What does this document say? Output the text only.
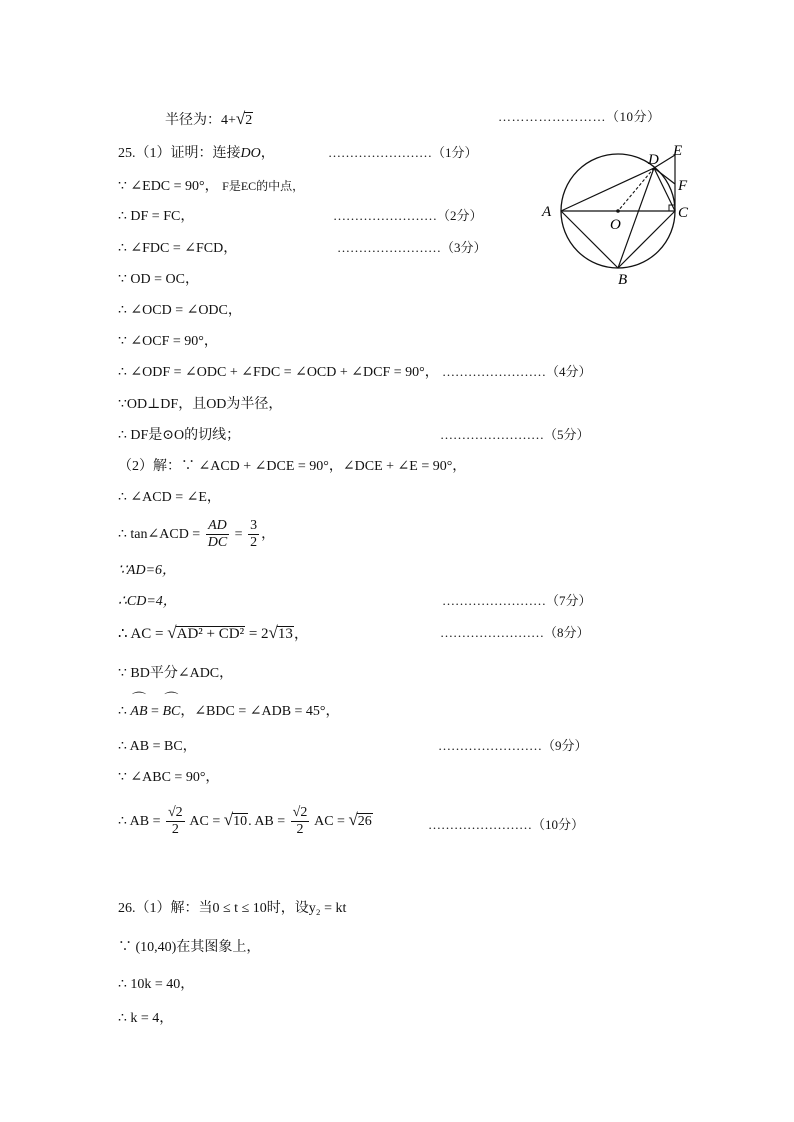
半径为：4+√2	……………………（10分）
25.（1）证明：连接DO，	……………………（1分）
∵ ∠EDC = 90°， F是EC的中点，
∴ DF = FC，	……………………（2分）
∴ ∠FDC = ∠FCD，	……………………（3分）
∵ OD = OC，
∴ ∠OCD = ∠ODC，
∵ ∠OCF = 90°，
∴ ∠ODF = ∠ODC + ∠FDC = ∠OCD + ∠DCF = 90°， ……………………（4分）
∵OD⊥DF，且OD为半径，
∴ DF是⊙O的切线；	……………………（5分）
（2）解：∵ ∠ACD + ∠DCE = 90°，∠DCE + ∠E = 90°，
∴ ∠ACD = ∠E，
∴ tan∠ACD = $\frac{AD}{DC} = \frac{3}{2}$ ，
∵AD=6，
∴CD=4，	……………………（7分）
∴ AC = √AD² + CD² = 2√13，	……………………（8分）
∵ BD平分∠ADC，
∴ ⌒ AB = ⌒ BC，∠BDC = ∠ADB = 45°，
∴ AB = BC，	……………………（9分）
∵ ∠ABC = 90°，
∴ AB = $\frac{√2}{2}$ AC = √10. AB = $\frac{√2}{2}$ AC = √26	……………………（10分）
26.（1）解：当0 ≤ t ≤ 10时，设y₂ = kt
∵ (10,40)在其图象上，
∴ 10k = 40，
∴ k = 4，
A	C
B
D
E
F
O
